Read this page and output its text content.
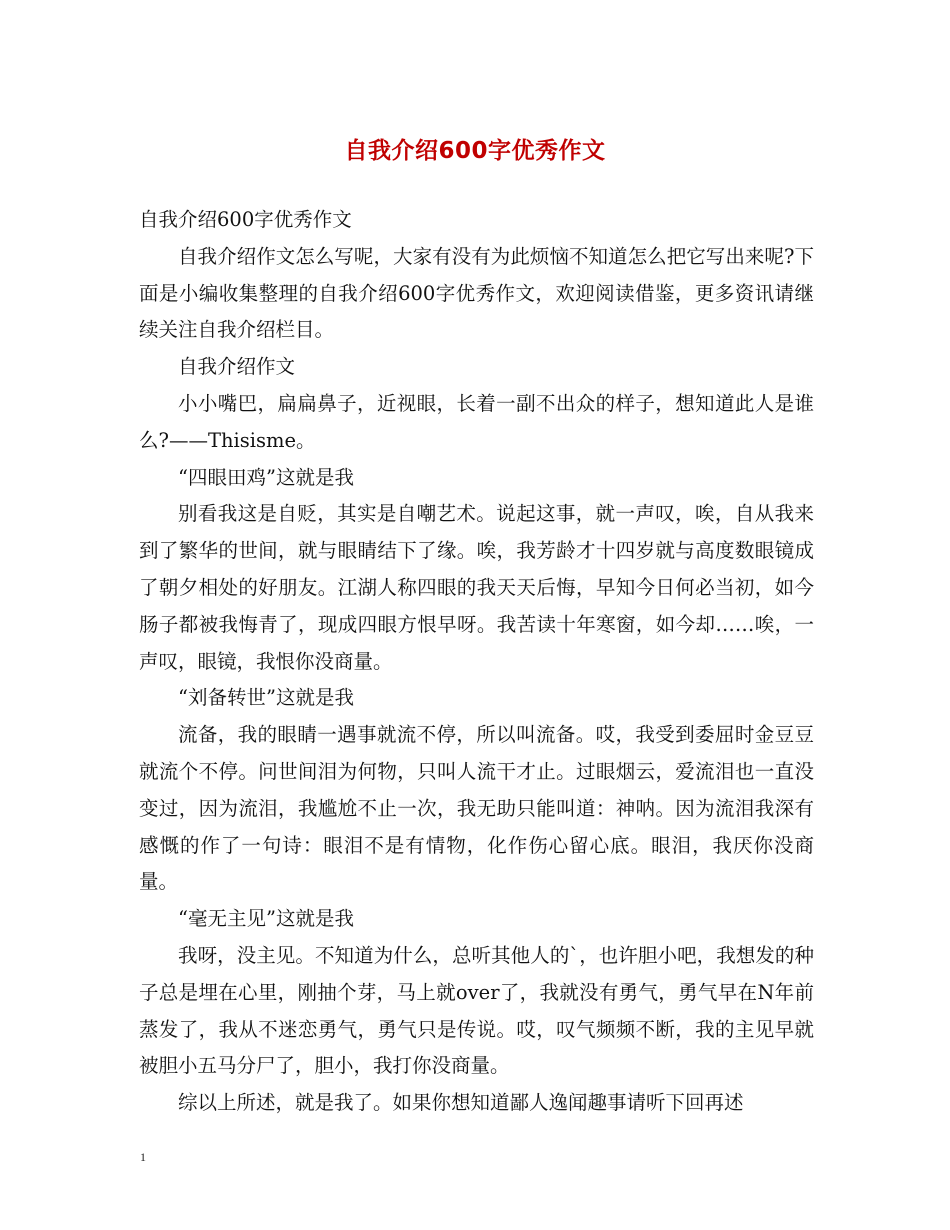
自我介绍600字优秀作文

自我介绍600字优秀作文

自我介绍作文怎么写呢，大家有没有为此烦恼不知道怎么把它写出来呢?下面是小编收集整理的自我介绍600字优秀作文，欢迎阅读借鉴，更多资讯请继续关注自我介绍栏目。

自我介绍作文

小小嘴巴，扁扁鼻子，近视眼，长着一副不出众的样子，想知道此人是谁么?——Thisisme。

“四眼田鸡”这就是我

别看我这是自贬，其实是自嘲艺术。说起这事，就一声叹，唉，自从我来到了繁华的世间，就与眼睛结下了缘。唉，我芳龄才十四岁就与高度数眼镜成了朝夕相处的好朋友。江湖人称四眼的我天天后悔，早知今日何必当初，如今肠子都被我悔青了，现成四眼方恨早呀。我苦读十年寒窗，如今却……唉，一声叹，眼镜，我恨你没商量。

“刘备转世”这就是我

流备，我的眼睛一遇事就流不停，所以叫流备。哎，我受到委屈时金豆豆就流个不停。问世间泪为何物，只叫人流干才止。过眼烟云，爱流泪也一直没变过，因为流泪，我尴尬不止一次，我无助只能叫道：神呐。因为流泪我深有感慨的作了一句诗：眼泪不是有情物，化作伤心留心底。眼泪，我厌你没商量。

“毫无主见”这就是我

我呀，没主见。不知道为什么，总听其他人的`，也许胆小吧，我想发的种子总是埋在心里，刚抽个芽，马上就over了，我就没有勇气，勇气早在N年前蒸发了，我从不迷恋勇气，勇气只是传说。哎，叹气频频不断，我的主见早就被胆小五马分尸了，胆小，我打你没商量。

综以上所述，就是我了。如果你想知道鄙人逸闻趣事请听下回再述

1
